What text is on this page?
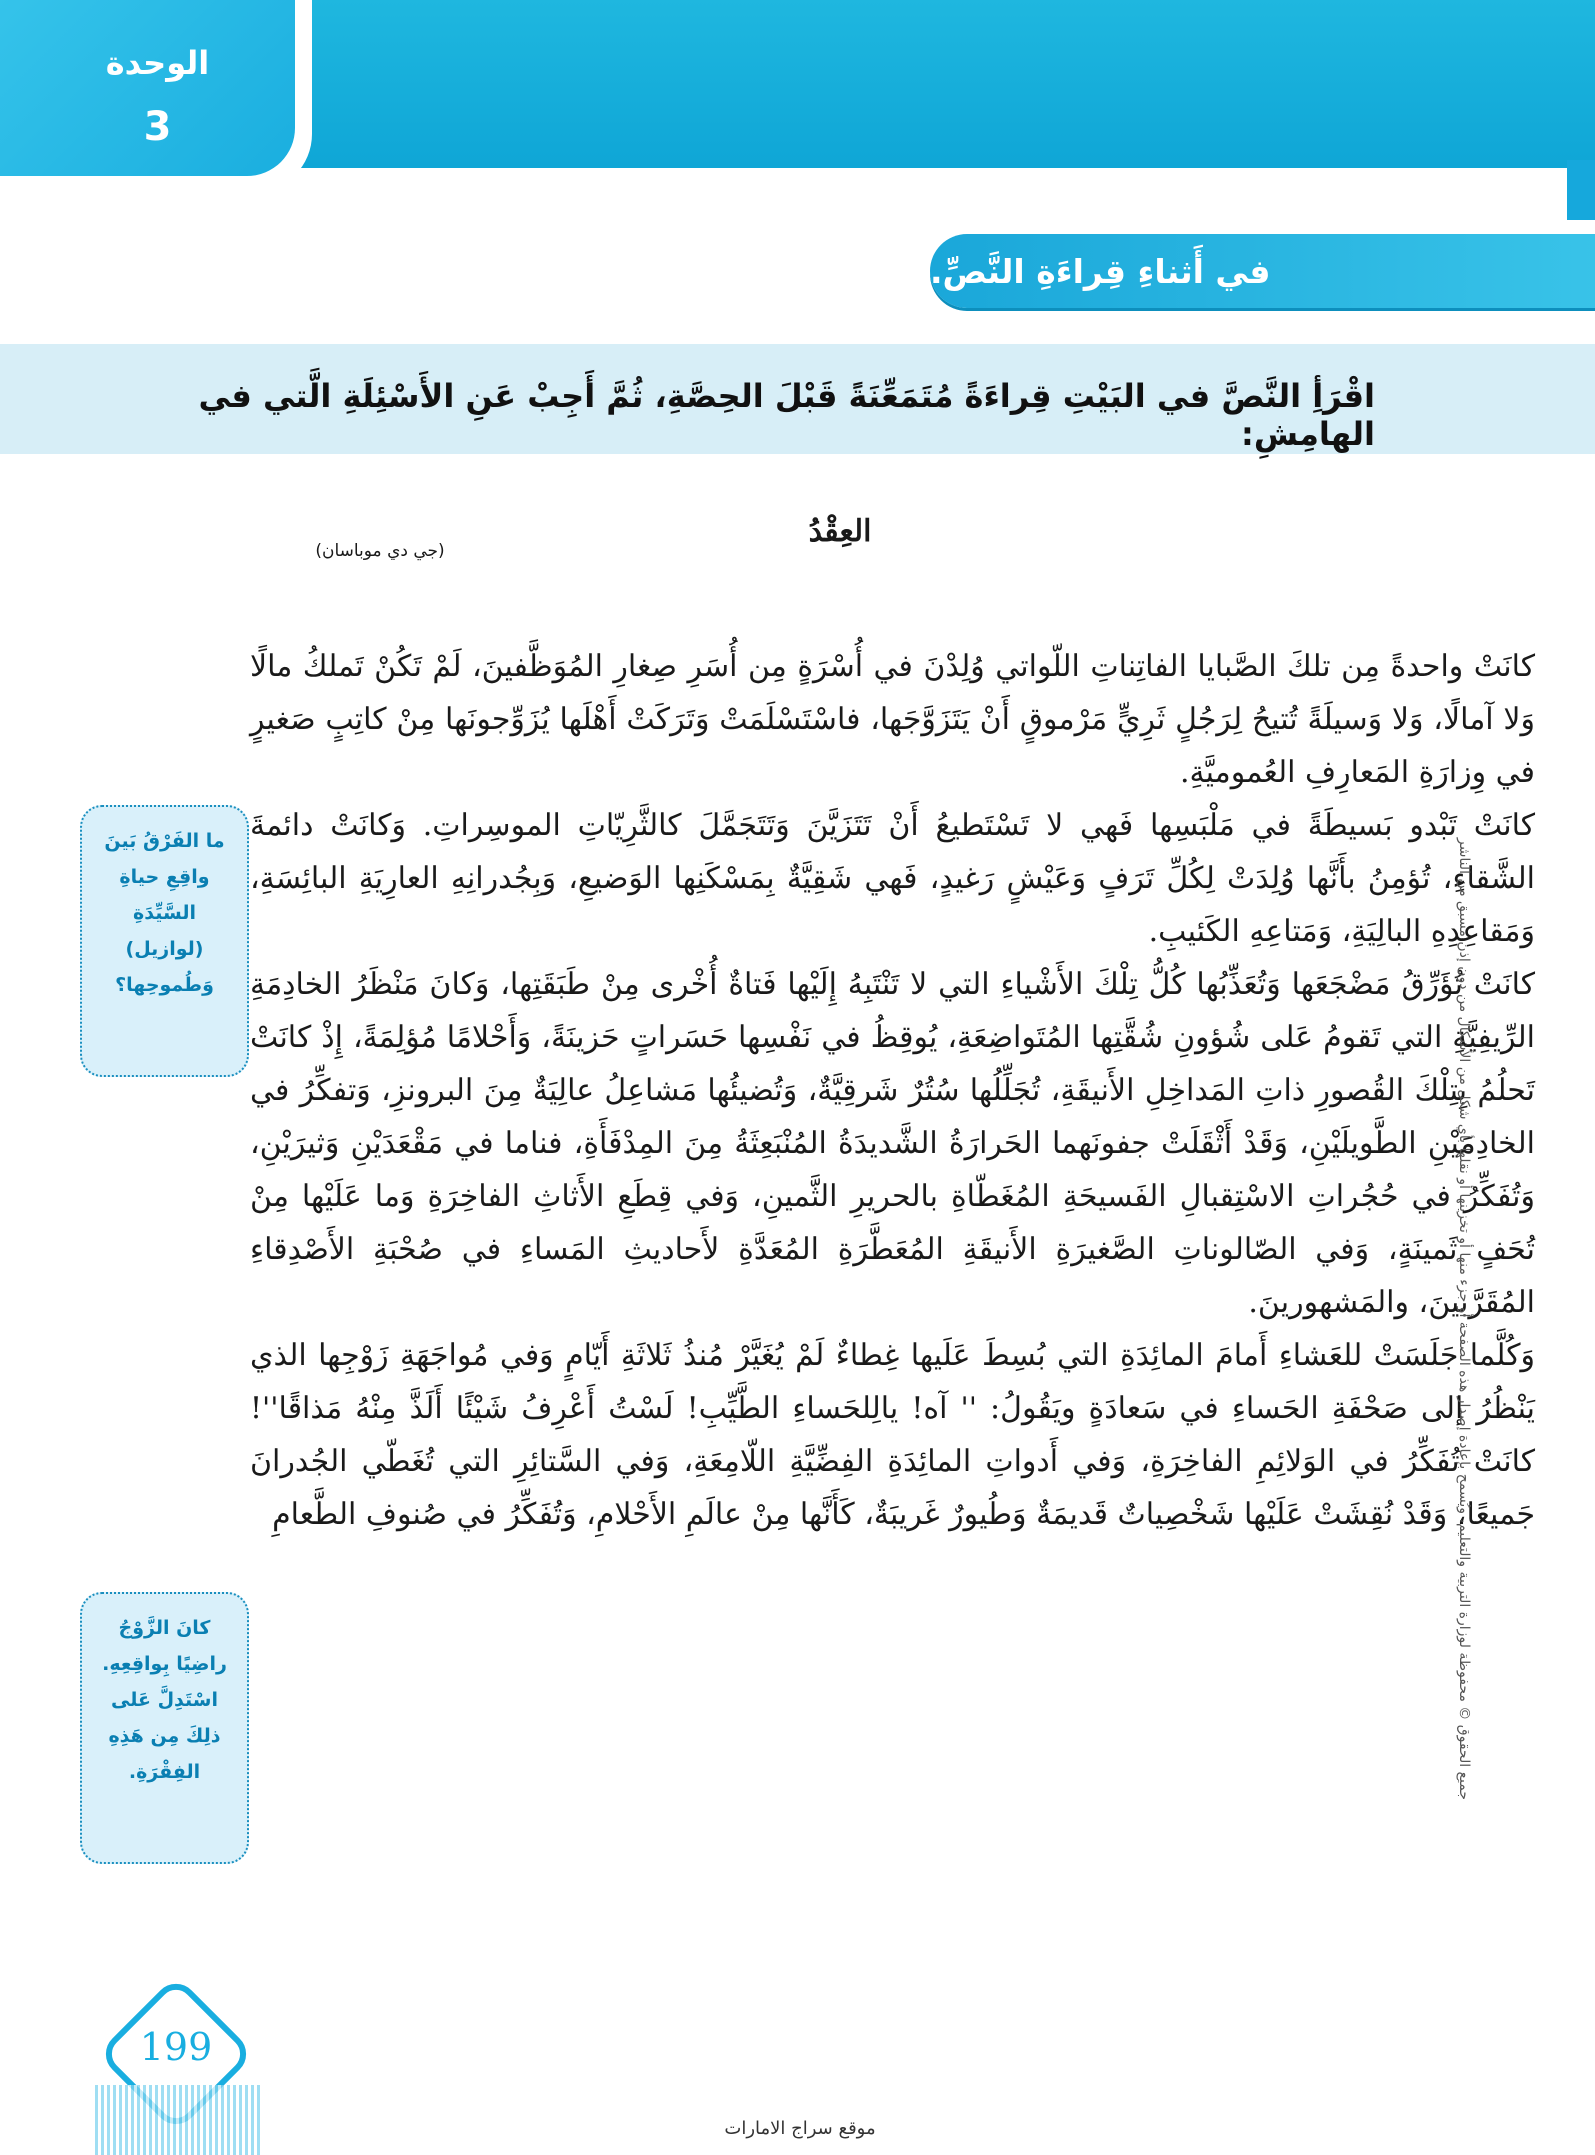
الوحدة
3
في أَثناءِ قِراءَةِ النَّصِّ.
اقْرَأِ النَّصَّ في البَيْتِ قِراءَةً مُتَمَعِّنَةً قَبْلَ الحِصَّةِ، ثُمَّ أَجِبْ عَنِ الأَسْئِلَةِ الَّتي في الهامِشِ:
العِقْدُ
(جي دي موباسان)

كانَتْ واحدةً مِن تلكَ الصَّبايا الفاتِناتِ اللّواتي وُلِدْنَ في أُسْرَةٍ مِن أُسَرِ صِغارِ المُوَظَّفينَ، لَمْ تَكُنْ تَملكُ مالًا وَلا آمالًا، وَلا وَسيلَةً تُتيحُ لِرَجُلٍ ثَرِيٍّ مَرْموقٍ أَنْ يَتَزَوَّجَها، فاسْتَسْلَمَتْ وَتَرَكَتْ أَهْلَها يُزَوِّجونَها مِنْ كاتِبٍ صَغيرٍ في وِزارَةِ المَعارِفِ العُموميَّةِ.

كانَتْ تَبْدو بَسيطَةً في مَلْبَسِها فَهي لا تَسْتَطيعُ أَنْ تَتَزَيَّنَ وَتَتَجَمَّلَ كالثَّرِيّاتِ الموسِراتِ. وَكانَتْ دائمةَ الشَّقاءِ، تُؤمِنُ بأَنَّها وُلِدَتْ لِكُلِّ تَرَفٍ وَعَيْشٍ رَغيدٍ، فَهي شَقِيَّةٌ بِمَسْكَنِها الوَضيعِ، وَبِجُدرانِهِ العارِيَةِ البائِسَةِ، وَمَقاعِدِهِ البالِيَةِ، وَمَتاعِهِ الكَئيبِ.

كانَتْ تُؤَرِّقُ مَضْجَعَها وَتُعَذِّبُها كُلُّ تِلْكَ الأَشْياءِ التي لا تَنْتَبِهُ إِلَيْها فَتاةٌ أُخْرى مِنْ طَبَقَتِها، وَكانَ مَنْظَرُ الخادِمَةِ الرِّيفِيَّةِ التي تَقومُ عَلى شُؤونِ شُقَّتِها المُتَواضِعَةِ، يُوقِظُ في نَفْسِها حَسَراتٍ حَزينَةً، وَأَحْلامًا مُؤلِمَةً، إِذْ كانَتْ تَحلُمُ بِتِلْكَ القُصورِ ذاتِ المَداخِلِ الأَنيقَةِ، تُجَلِّلُها سُتُرٌ شَرقِيَّةٌ، وَتُضيئُها مَشاعِلُ عالِيَةٌ مِنَ البرونزِ، وَتفكِّرُ في الخادِمَيْنِ الطَّويلَيْنِ، وَقَدْ أَثْقَلَتْ جفونَهما الحَرارَةُ الشَّديدَةُ المُنْبَعِثَةُ مِنَ المِدْفَأَةِ، فناما في مَقْعَدَيْنِ وَثيرَيْنِ، وَتُفَكِّرُ في حُجُراتِ الاسْتِقبالِ الفَسيحَةِ المُغَطّاةِ بالحريرِ الثَّمينِ، وَفي قِطَعِ الأَثاثِ الفاخِرَةِ وَما عَلَيْها مِنْ تُحَفٍ ثَمينَةٍ، وَفي الصّالوناتِ الصَّغيرَةِ الأَنيقَةِ المُعَطَّرَةِ المُعَدَّةِ لأَحاديثِ المَساءِ في صُحْبَةِ الأَصْدِقاءِ المُقَرَّبينَ، والمَشهورينَ.

وَكُلَّما جَلَسَتْ للعَشاءِ أَمامَ المائِدَةِ التي بُسِطَ عَلَيها غِطاءٌ لَمْ يُغَيَّرْ مُنذُ ثَلاثَةِ أَيّامٍ وَفي مُواجَهَةِ زَوْجِها الذي يَنْظُرُ إلى صَحْفَةِ الحَساءِ في سَعادَةٍ ويَقُولُ: '' آه! يالِلحَساءِ الطَّيِّبِ! لَسْتُ أَعْرِفُ شَيْئًا أَلَذَّ مِنْهُ مَذاقًا''! كانَتْ تُفَكِّرُ في الوَلائِمِ الفاخِرَةِ، وَفي أَدواتِ المائِدَةِ الفِضِّيَّةِ اللّامِعَةِ، وَفي السَّتائِرِ التي تُغَطّي الجُدرانَ جَميعًا، وَقَدْ نُقِشَتْ عَلَيْها شَخْصِياتٌ قَديمَةٌ وَطُيورٌ غَريبَةٌ، كَأَنَّها مِنْ عالَمِ الأَحْلامِ، وَتُفَكِّرُ في صُنوفِ الطَّعامِ

ما الفَرْقُ بَينَ واقِعِ حياةِ السَّيِّدَةِ (لوازيل) وَطُموحِها؟
كانَ الزَّوْجُ راضِيًا بِواقِعِهِ. اسْتَدِلَّ عَلى ذلِكَ مِن هَذِهِ الفِقْرَةِ.	جميع الحقوق © محفوظة لوزارة التربية والتعليم، ويُسمح بإعادة إصدار هذه الصفحة أو جزء منها أو تخزينها أو نقلها بأي شكل من الأشكال من دون إذن مسبق من الناشر
199
موقع سراج الامارات
